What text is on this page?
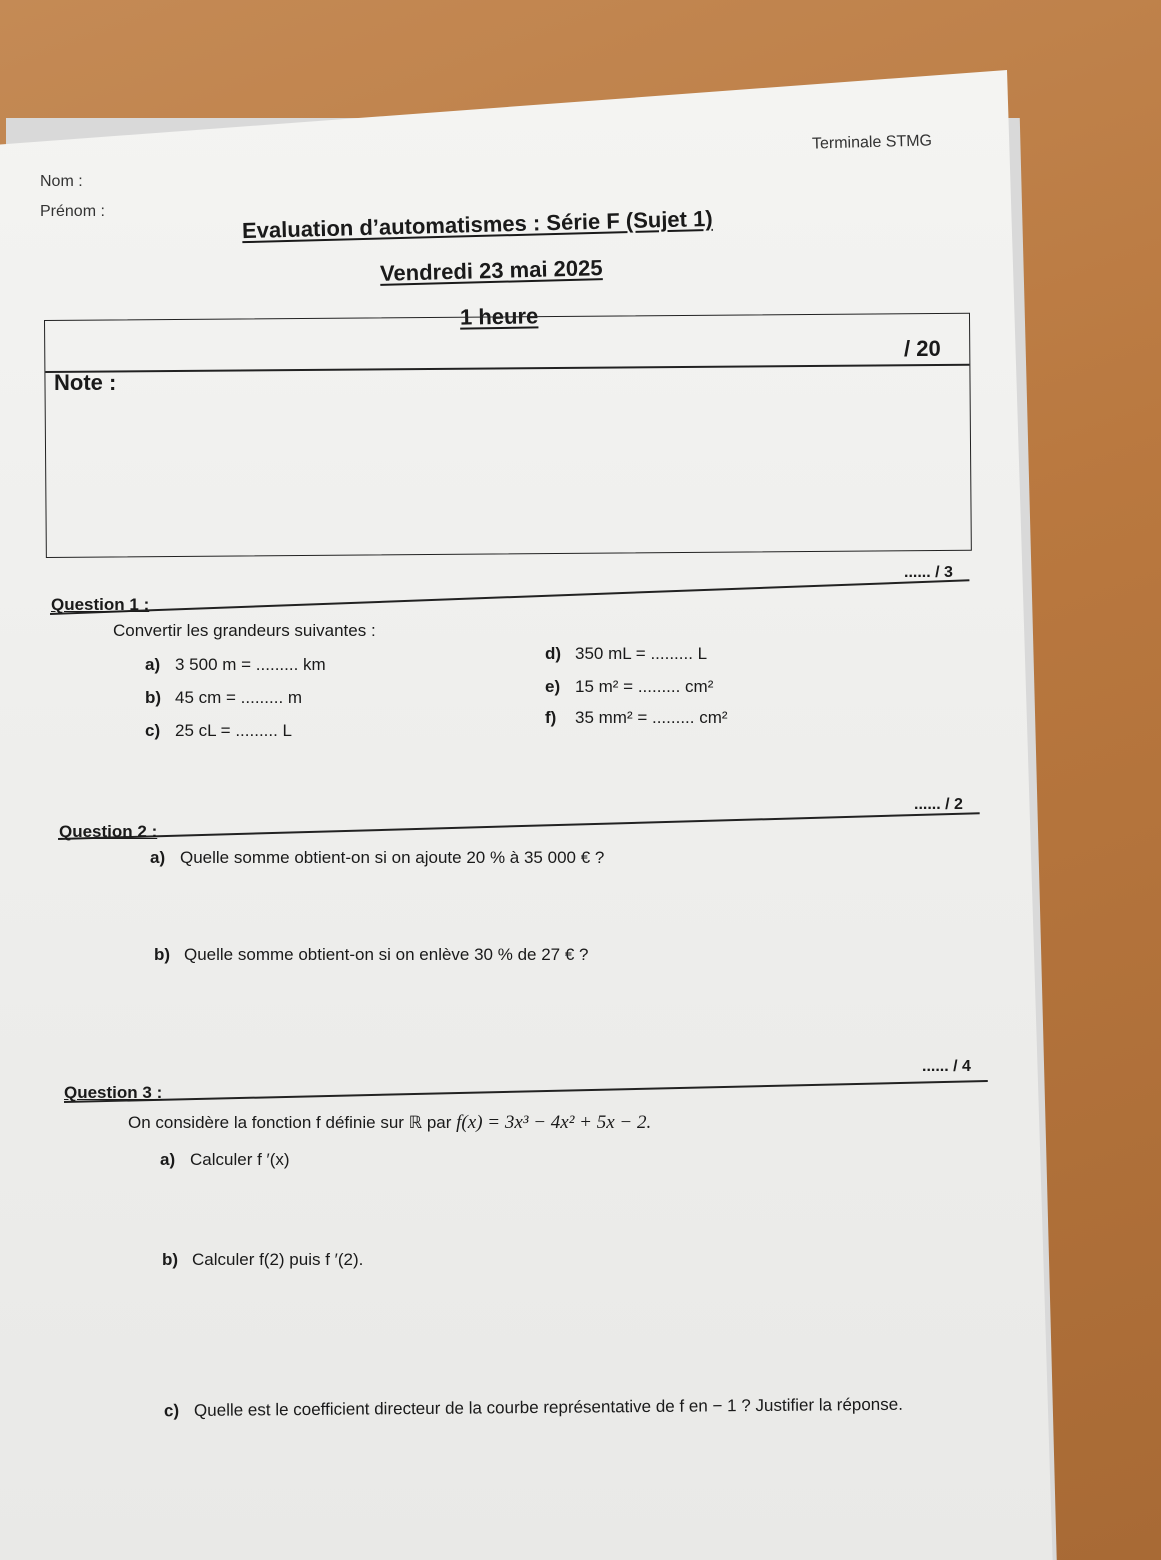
Terminale STMG
Nom :
Prénom :	Evaluation d’automatismes : Série F (Sujet 1)
Vendredi 23 mai 2025
1 heure
/ 20
Note :
...... / 3
Question 1 :
Convertir les grandeurs suivantes :
a) 3 500 m = ......... km
b) 45 cm = ......... m
c) 25 cL = ......... L
d) 350 mL = ......... L
e) 15 m² = ......... cm²
f) 35 mm² = ......... cm²
...... / 2
Question 2 :
a) Quelle somme obtient-on si on ajoute 20 % à 35 000 € ?
b) Quelle somme obtient-on si on enlève 30 % de 27 € ?
...... / 4
Question 3 :
On considère la fonction f définie sur ℝ par f(x) = 3x³ − 4x² + 5x − 2.
a) Calculer f ′(x)
b) Calculer f(2) puis f ′(2).
c) Quelle est le coefficient directeur de la courbe représentative de f en − 1 ? Justifier la réponse.
